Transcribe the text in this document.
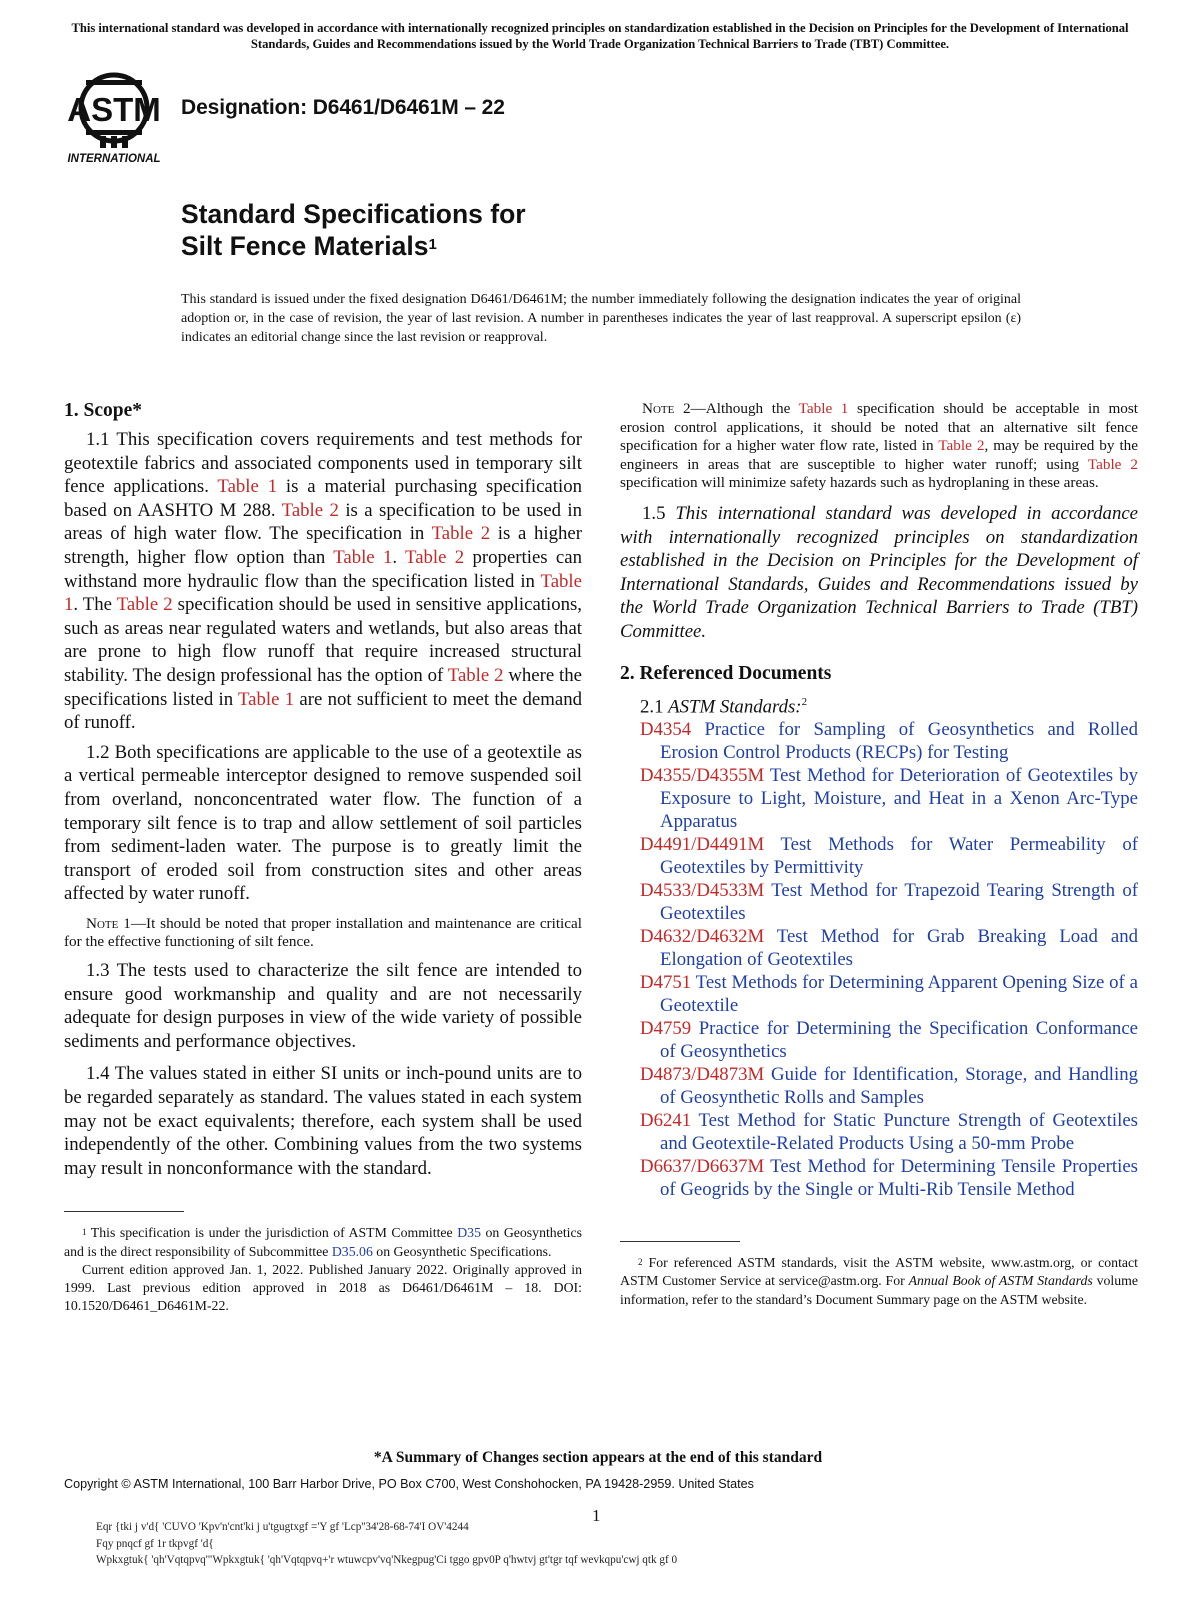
This international standard was developed in accordance with internationally recognized principles on standardization established in the Decision on Principles for the Development of International Standards, Guides and Recommendations issued by the World Trade Organization Technical Barriers to Trade (TBT) Committee.
ASTM
INTERNATIONAL
Designation: D6461/D6461M – 22
Standard Specifications for
Silt Fence Materials$^1$
This standard is issued under the fixed designation D6461/D6461M; the number immediately following the designation indicates the year of original adoption or, in the case of revision, the year of last revision. A number in parentheses indicates the year of last reapproval. A superscript epsilon (ε) indicates an editorial change since the last revision or reapproval.
1. Scope*

1.1 This specification covers requirements and test methods for geotextile fabrics and associated components used in temporary silt fence applications. Table 1 is a material purchasing specification based on AASHTO M 288. Table 2 is a specification to be used in areas of high water flow. The specification in Table 2 is a higher strength, higher flow option than Table 1. Table 2 properties can withstand more hydraulic flow than the specification listed in Table 1. The Table 2 specification should be used in sensitive applications, such as areas near regulated waters and wetlands, but also areas that are prone to high flow runoff that require increased structural stability. The design professional has the option of Table 2 where the specifications listed in Table 1 are not sufficient to meet the demand of runoff.

1.2 Both specifications are applicable to the use of a geotextile as a vertical permeable interceptor designed to remove suspended soil from overland, nonconcentrated water flow. The function of a temporary silt fence is to trap and allow settlement of soil particles from sediment-laden water. The purpose is to greatly limit the transport of eroded soil from construction sites and other areas affected by water runoff.

Note 1—It should be noted that proper installation and maintenance are critical for the effective functioning of silt fence.

1.3 The tests used to characterize the silt fence are intended to ensure good workmanship and quality and are not necessarily adequate for design purposes in view of the wide variety of possible sediments and performance objectives.

1.4 The values stated in either SI units or inch-pound units are to be regarded separately as standard. The values stated in each system may not be exact equivalents; therefore, each system shall be used independently of the other. Combining values from the two systems may result in nonconformance with the standard.

$^1$ This specification is under the jurisdiction of ASTM Committee D35 on Geosynthetics and is the direct responsibility of Subcommittee D35.06 on Geosynthetic Specifications.

Current edition approved Jan. 1, 2022. Published January 2022. Originally approved in 1999. Last previous edition approved in 2018 as D6461/D6461M – 18. DOI: 10.1520/D6461_D6461M-22.

Note 2—Although the Table 1 specification should be acceptable in most erosion control applications, it should be noted that an alternative silt fence specification for a higher water flow rate, listed in Table 2, may be required by the engineers in areas that are susceptible to higher water runoff; using Table 2 specification will minimize safety hazards such as hydroplaning in these areas.

1.5 This international standard was developed in accordance with internationally recognized principles on standardization established in the Decision on Principles for the Development of International Standards, Guides and Recommendations issued by the World Trade Organization Technical Barriers to Trade (TBT) Committee.

2. Referenced Documents
2.1 ASTM Standards:$^2$

D4354 Practice for Sampling of Geosynthetics and Rolled Erosion Control Products (RECPs) for Testing

D4355/D4355M Test Method for Deterioration of Geotextiles by Exposure to Light, Moisture, and Heat in a Xenon Arc-Type Apparatus

D4491/D4491M Test Methods for Water Permeability of Geotextiles by Permittivity

D4533/D4533M Test Method for Trapezoid Tearing Strength of Geotextiles

D4632/D4632M Test Method for Grab Breaking Load and Elongation of Geotextiles

D4751 Test Methods for Determining Apparent Opening Size of a Geotextile

D4759 Practice for Determining the Specification Conformance of Geosynthetics

D4873/D4873M Guide for Identification, Storage, and Handling of Geosynthetic Rolls and Samples

D6241 Test Method for Static Puncture Strength of Geotextiles and Geotextile-Related Products Using a 50-mm Probe

D6637/D6637M Test Method for Determining Tensile Properties of Geogrids by the Single or Multi-Rib Tensile Method

$^2$ For referenced ASTM standards, visit the ASTM website, www.astm.org, or contact ASTM Customer Service at service@astm.org. For Annual Book of ASTM Standards volume information, refer to the standard’s Document Summary page on the ASTM website.

*A Summary of Changes section appears at the end of this standard
Copyright © ASTM International, 100 Barr Harbor Drive, PO Box C700, West Conshohocken, PA 19428-2959. United States
1
Eqr {tki j v'd{ 'CUVO 'Kpv'n'cnt'ki j u'tgugtxgf ='Y gf 'Lcp''34'28-68-74'I OV'4244
Fqy pnqcf gf 1r tkpvgf 'd{
Wpkxgtuk{ 'qh'Vqtqpvq'"Wpkxgtuk{ 'qh'Vqtqpvq+'r wtuwcpv'vq'Nkegpug'Ci tggo gpv0P q'hwtvj gt'tgr tqf wevkqpu'cwj qtk gf 0
